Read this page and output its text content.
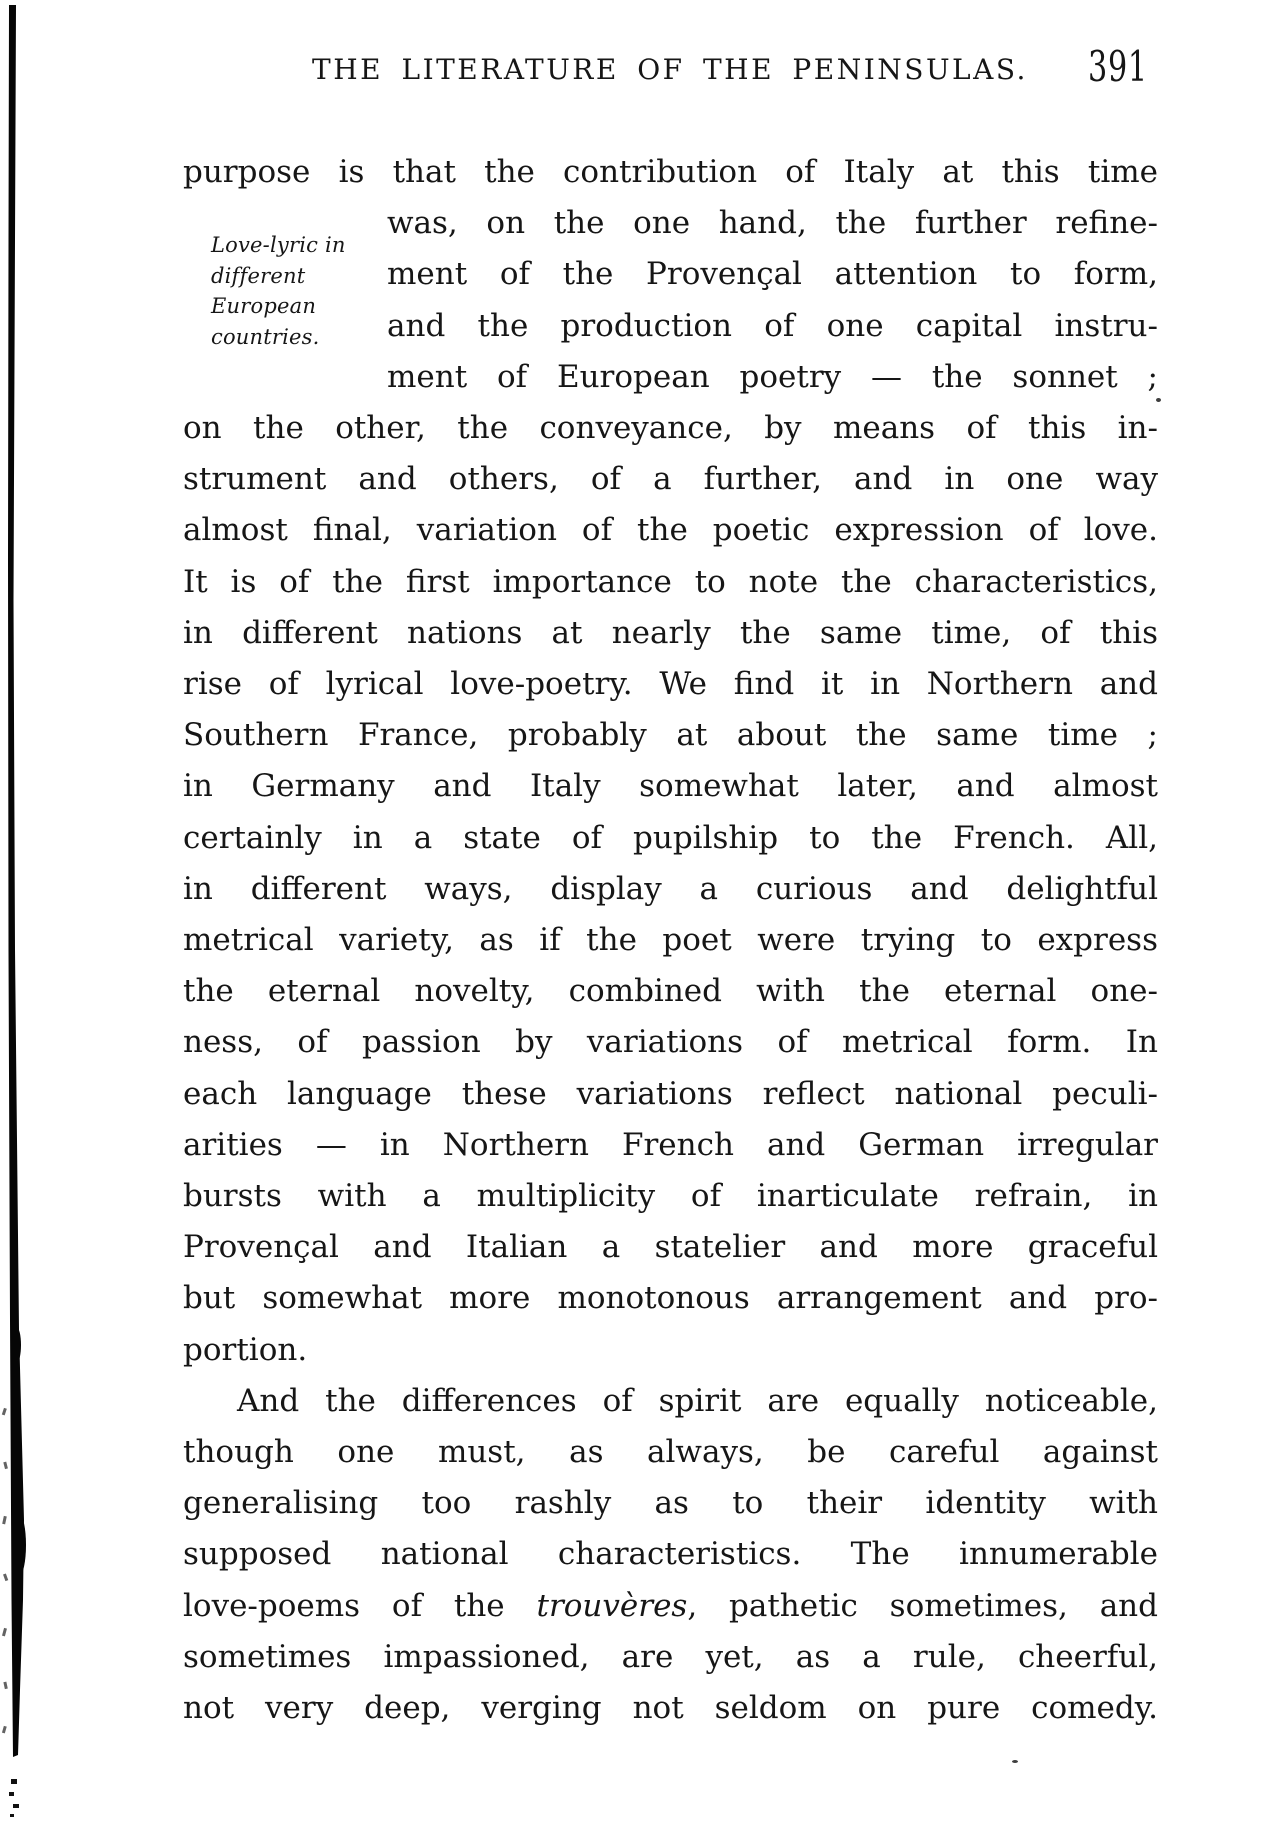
THE LITERATURE OF THE PENINSULAS.	391
Love-lyric in
different
European
countries.
purpose is that the contribution of Italy at this time
was, on the one hand, the further refine-
ment of the Provençal attention to form,
and the production of one capital instru-
ment of European poetry — the sonnet ;
on the other, the conveyance, by means of this in-
strument and others, of a further, and in one way
almost final, variation of the poetic expression of love.
It is of the first importance to note the characteristics,
in different nations at nearly the same time, of this
rise of lyrical love-poetry. We find it in Northern and
Southern France, probably at about the same time ;
in Germany and Italy somewhat later, and almost
certainly in a state of pupilship to the French. All,
in different ways, display a curious and delightful
metrical variety, as if the poet were trying to express
the eternal novelty, combined with the eternal one-
ness, of passion by variations of metrical form. In
each language these variations reflect national peculi-
arities — in Northern French and German irregular
bursts with a multiplicity of inarticulate refrain, in
Provençal and Italian a statelier and more graceful
but somewhat more monotonous arrangement and pro-
portion.
And the differences of spirit are equally noticeable,
though one must, as always, be careful against
generalising too rashly as to their identity with
supposed national characteristics. The innumerable
love-poems of the trouvères, pathetic sometimes, and
sometimes impassioned, are yet, as a rule, cheerful,
not very deep, verging not seldom on pure comedy.
